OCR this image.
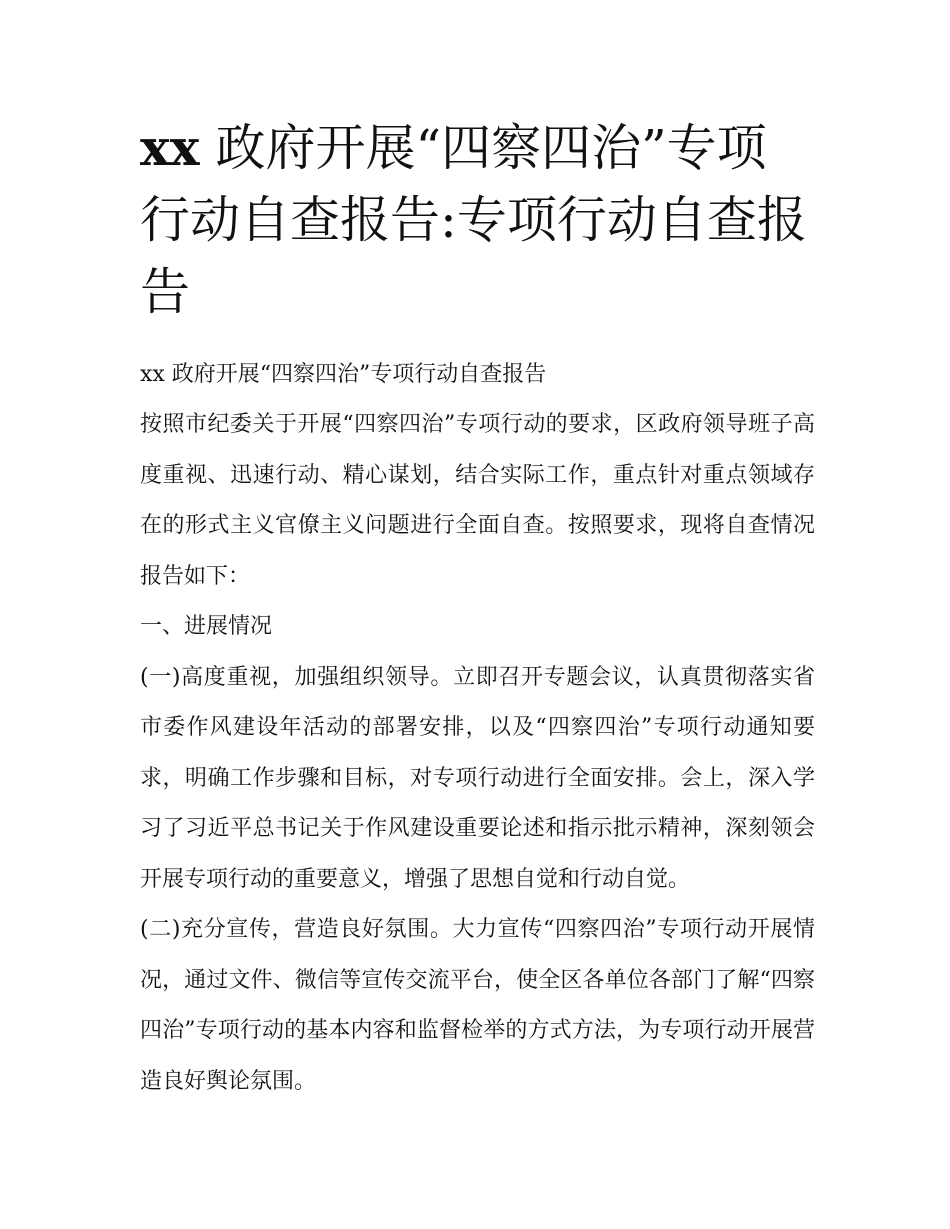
xx 政府开展“四察四治”专项行动自查报告:专项行动自查报告

xx 政府开展“四察四治”专项行动自查报告

按照市纪委关于开展“四察四治”专项行动的要求，区政府领导班子高度重视、迅速行动、精心谋划，结合实际工作，重点针对重点领域存在的形式主义官僚主义问题进行全面自查。按照要求，现将自查情况报告如下：

一、进展情况

(一)高度重视，加强组织领导。立即召开专题会议，认真贯彻落实省市委作风建设年活动的部署安排，以及“四察四治”专项行动通知要求，明确工作步骤和目标，对专项行动进行全面安排。会上，深入学习了习近平总书记关于作风建设重要论述和指示批示精神，深刻领会开展专项行动的重要意义，增强了思想自觉和行动自觉。

(二)充分宣传，营造良好氛围。大力宣传“四察四治”专项行动开展情况，通过文件、微信等宣传交流平台，使全区各单位各部门了解“四察四治”专项行动的基本内容和监督检举的方式方法，为专项行动开展营造良好舆论氛围。
